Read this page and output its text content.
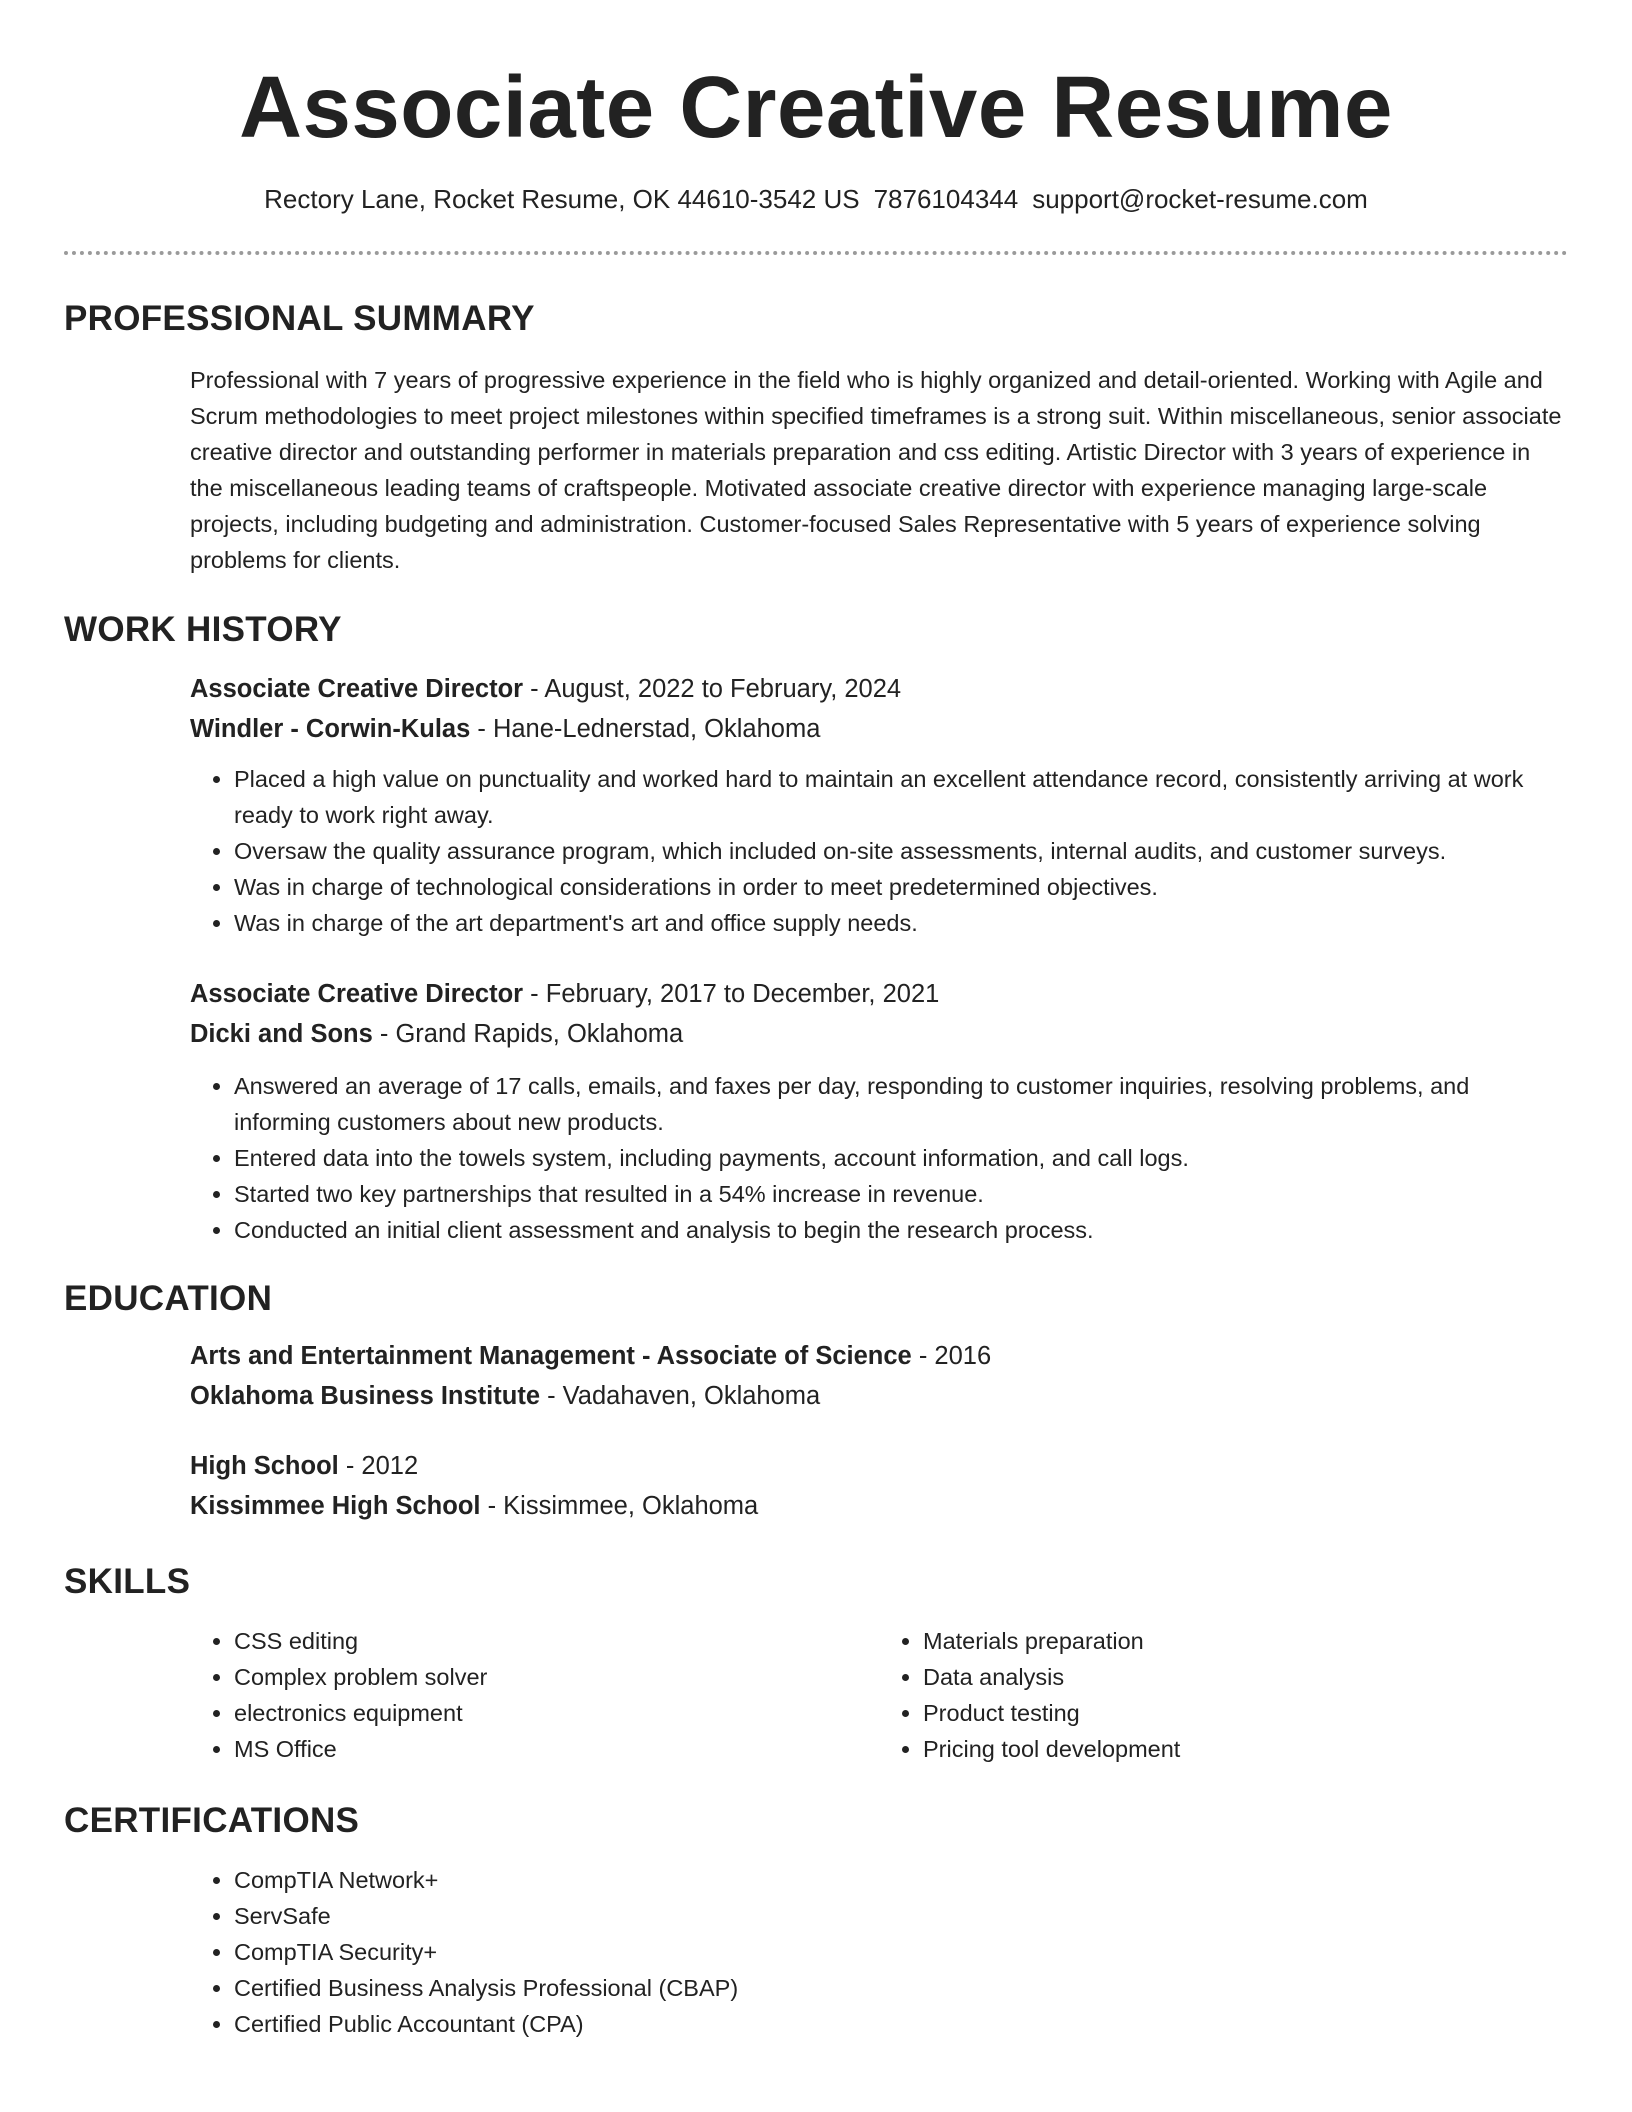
Associate Creative Resume
Rectory Lane, Rocket Resume, OK 44610-3542 US 7876104344 support@rocket-resume.com
PROFESSIONAL SUMMARY

Professional with 7 years of progressive experience in the field who is highly organized and detail-oriented. Working with Agile and Scrum methodologies to meet project milestones within specified timeframes is a strong suit. Within miscellaneous, senior associate creative director and outstanding performer in materials preparation and css editing. Artistic Director with 3 years of experience in the miscellaneous leading teams of craftspeople. Motivated associate creative director with experience managing large-scale projects, including budgeting and administration. Customer-focused Sales Representative with 5 years of experience solving problems for clients.

WORK HISTORY
Associate Creative Director - August, 2022 to February, 2024
Windler - Corwin-Kulas - Hane-Lednerstad, Oklahoma
• Placed a high value on punctuality and worked hard to maintain an excellent attendance record, consistently arriving at work ready to work right away.
• Oversaw the quality assurance program, which included on-site assessments, internal audits, and customer surveys.
• Was in charge of technological considerations in order to meet predetermined objectives.
• Was in charge of the art department's art and office supply needs.
Associate Creative Director - February, 2017 to December, 2021
Dicki and Sons - Grand Rapids, Oklahoma
• Answered an average of 17 calls, emails, and faxes per day, responding to customer inquiries, resolving problems, and informing customers about new products.
• Entered data into the towels system, including payments, account information, and call logs.
• Started two key partnerships that resulted in a 54% increase in revenue.
• Conducted an initial client assessment and analysis to begin the research process.
EDUCATION
Arts and Entertainment Management - Associate of Science - 2016
Oklahoma Business Institute - Vadahaven, Oklahoma
High School - 2012
Kissimmee High School - Kissimmee, Oklahoma
SKILLS
• CSS editing
• Complex problem solver
• electronics equipment
• MS Office
• Materials preparation
• Data analysis
• Product testing
• Pricing tool development
CERTIFICATIONS
• CompTIA Network+
• ServSafe
• CompTIA Security+
• Certified Business Analysis Professional (CBAP)
• Certified Public Accountant (CPA)
